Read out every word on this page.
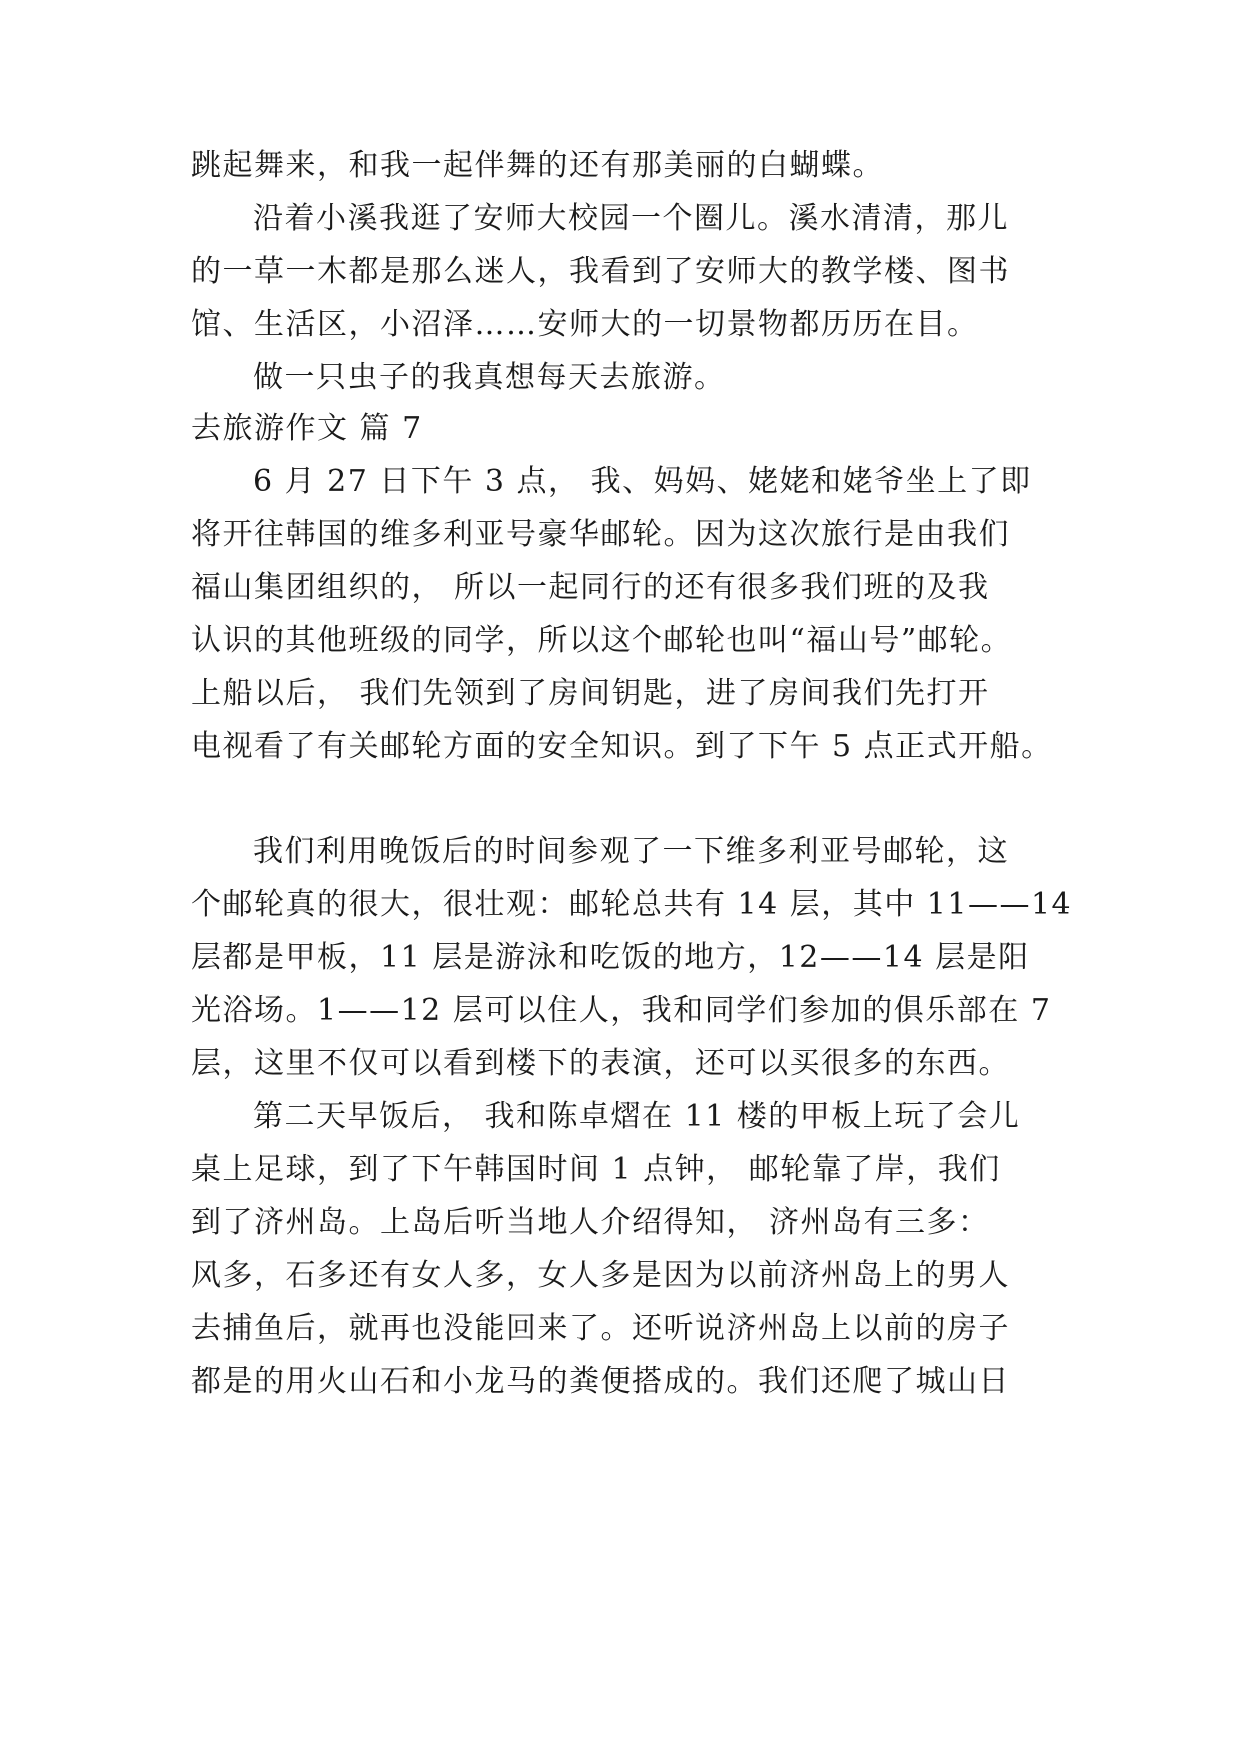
跳起舞来，和我一起伴舞的还有那美丽的白蝴蝶。
沿着小溪我逛了安师大校园一个圈儿。溪水清清，那儿
的一草一木都是那么迷人，我看到了安师大的教学楼、图书
馆、生活区，小沼泽……安师大的一切景物都历历在目。
做一只虫子的我真想每天去旅游。
去旅游作文 篇 7
6 月 27 日下午 3 点， 我、妈妈、姥姥和姥爷坐上了即
将开往韩国的维多利亚号豪华邮轮。因为这次旅行是由我们
福山集团组织的， 所以一起同行的还有很多我们班的及我
认识的其他班级的同学，所以这个邮轮也叫“福山号”邮轮。
上船以后， 我们先领到了房间钥匙，进了房间我们先打开
电视看了有关邮轮方面的安全知识。到了下午 5 点正式开船。
我们利用晚饭后的时间参观了一下维多利亚号邮轮，这
个邮轮真的很大，很壮观：邮轮总共有 14 层，其中 11——14
层都是甲板，11 层是游泳和吃饭的地方，12——14 层是阳
光浴场。1——12 层可以住人，我和同学们参加的俱乐部在 7
层，这里不仅可以看到楼下的表演，还可以买很多的东西。
第二天早饭后， 我和陈卓熠在 11 楼的甲板上玩了会儿
桌上足球，到了下午韩国时间 1 点钟， 邮轮靠了岸，我们
到了济州岛。上岛后听当地人介绍得知， 济州岛有三多：
风多，石多还有女人多，女人多是因为以前济州岛上的男人
去捕鱼后，就再也没能回来了。还听说济州岛上以前的房子
都是的用火山石和小龙马的粪便搭成的。我们还爬了城山日
